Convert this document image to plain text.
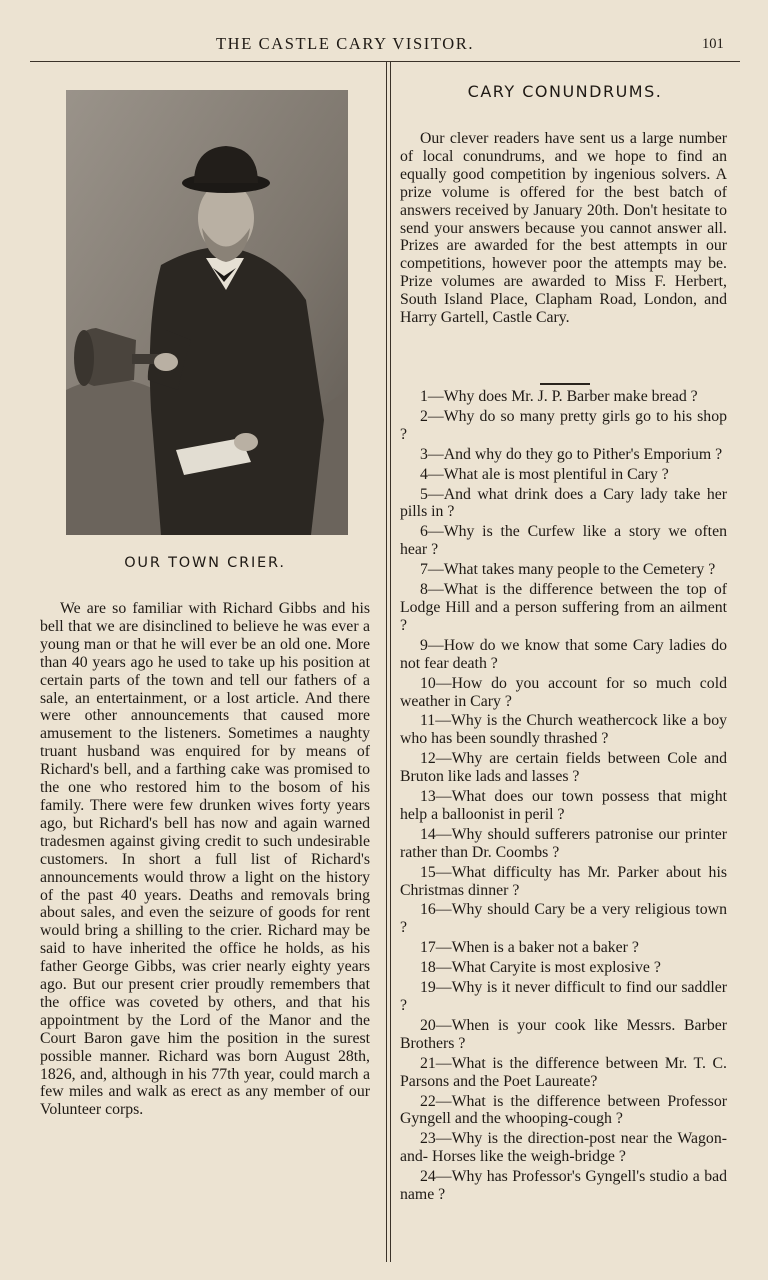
THE CASTLE CARY VISITOR.	101
OUR TOWN CRIER.

We are so familiar with Richard Gibbs and his bell that we are disinclined to believe he was ever a young man or that he will ever be an old one. More than 40 years ago he used to take up his position at certain parts of the town and tell our fathers of a sale, an entertainment, or a lost article. And there were other announcements that caused more amusement to the listeners. Sometimes a naughty truant husband was enquired for by means of Richard's bell, and a farthing cake was promised to the one who restored him to the bosom of his family. There were few drunken wives forty years ago, but Richard's bell has now and again warned tradesmen against giving credit to such undesirable customers. In short a full list of Richard's announcements would throw a light on the history of the past 40 years. Deaths and removals bring about sales, and even the seizure of goods for rent would bring a shilling to the crier. Richard may be said to have inherited the office he holds, as his father George Gibbs, was crier nearly eighty years ago. But our present crier proudly remembers that the office was coveted by others, and that his appointment by the Lord of the Manor and the Court Baron gave him the position in the surest possible manner. Richard was born August 28th, 1826, and, although in his 77th year, could march a few miles and walk as erect as any member of our Volunteer corps.

CARY CONUNDRUMS.

Our clever readers have sent us a large number of local conundrums, and we hope to find an equally good competition by ingenious solvers. A prize volume is offered for the best batch of answers received by January 20th. Don't hesitate to send your answers because you cannot answer all. Prizes are awarded for the best attempts in our competitions, however poor the attempts may be. Prize volumes are awarded to Miss F. Herbert, South Island Place, Clapham Road, London, and Harry Gartell, Castle Cary.

1—Why does Mr. J. P. Barber make bread ?
2—Why do so many pretty girls go to his shop ?
3—And why do they go to Pither's Emporium ?
4—What ale is most plentiful in Cary ?
5—And what drink does a Cary lady take her pills in ?
6—Why is the Curfew like a story we often hear ?
7—What takes many people to the Cemetery ?
8—What is the difference between the top of Lodge Hill and a person suffering from an ailment ?
9—How do we know that some Cary ladies do not fear death ?
10—How do you account for so much cold weather in Cary ?
11—Why is the Church weathercock like a boy who has been soundly thrashed ?
12—Why are certain fields between Cole and Bruton like lads and lasses ?
13—What does our town possess that might help a balloonist in peril ?
14—Why should sufferers patronise our printer rather than Dr. Coombs ?
15—What difficulty has Mr. Parker about his Christmas dinner ?
16—Why should Cary be a very religious town ?
17—When is a baker not a baker ?
18—What Caryite is most explosive ?
19—Why is it never difficult to find our saddler ?
20—When is your cook like Messrs. Barber Brothers ?
21—What is the difference between Mr. T. C. Parsons and the Poet Laureate?
22—What is the difference between Professor Gyngell and the whooping-cough ?
23—Why is the direction-post near the Wagon-and- Horses like the weigh-bridge ?
24—Why has Professor's Gyngell's studio a bad name ?
